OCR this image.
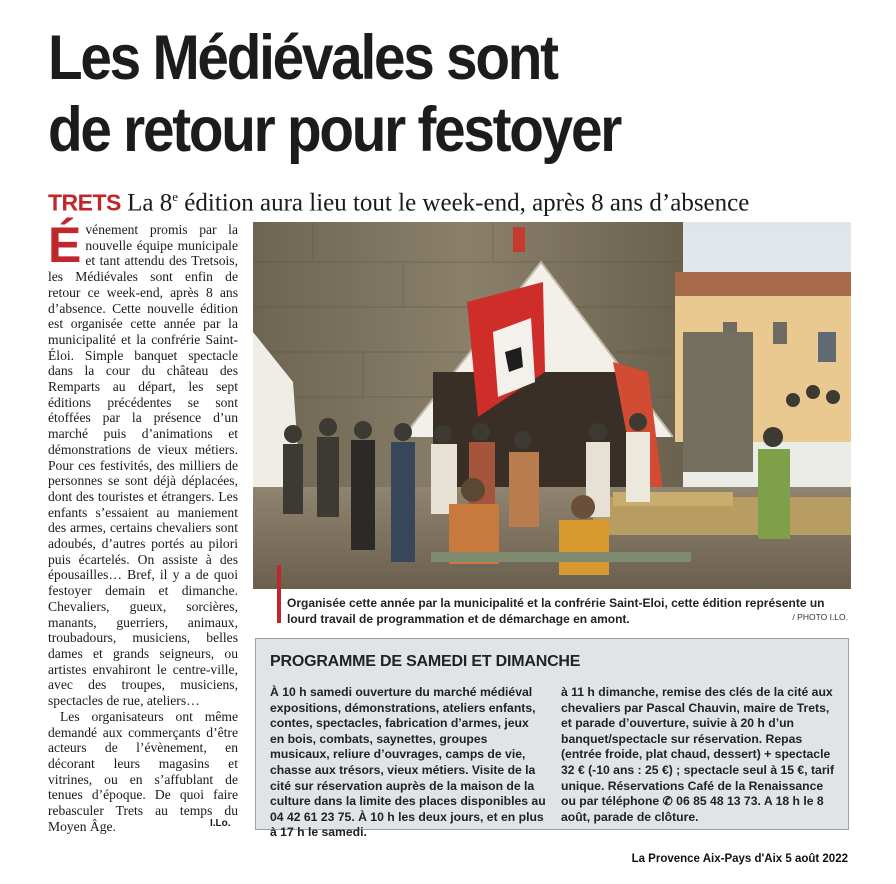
Les Médiévales sont
de retour pour festoyer
TRETS La 8e édition aura lieu tout le week-end, après 8 ans d’absence

Événement promis par la nouvelle équipe municipale et tant attendu des Tretsois, les Médiévales sont enfin de retour ce week-end, après 8 ans d’absence. Cette nouvelle édition est organisée cette année par la municipalité et la confrérie Saint-Éloi. Simple banquet spectacle dans la cour du château des Remparts au départ, les sept éditions précédentes se sont étoffées par la présence d’un marché puis d’animations et démonstrations de vieux métiers. Pour ces festivités, des milliers de personnes se sont déjà déplacées, dont des touristes et étrangers. Les enfants s’essaient au maniement des armes, certains chevaliers sont adoubés, d’autres portés au pilori puis écartelés. On assiste à des épousailles… Bref, il y a de quoi festoyer demain et dimanche. Chevaliers, gueux, sorcières, manants, guerriers, animaux, troubadours, musiciens, belles dames et grands seigneurs, ou artistes envahiront le centre-ville, avec des troupes, musiciens, spectacles de rue, ateliers…

Les organisateurs ont même demandé aux commerçants d’être acteurs de l’évènement, en décorant leurs magasins et vitrines, ou en s’affublant de tenues d’époque. De quoi faire rebasculer Trets au temps du Moyen Âge.	I.Lo.
Organisée cette année par la municipalité et la confrérie Saint-Eloi, cette édition représente un lourd travail de programmation et de démarchage en amont.	/ PHOTO I.LO.
PROGRAMME DE SAMEDI ET DIMANCHE
À 10 h samedi ouverture du marché médiéval expositions, démonstrations, ateliers enfants, contes, spectacles, fabrication d’armes, jeux en bois, combats, saynettes, groupes musicaux, reliure d’ouvrages, camps de vie, chasse aux trésors, vieux métiers. Visite de la cité sur réservation auprès de la maison de la culture dans la limite des places disponibles au 04 42 61 23 75. À 10 h les deux jours, et en plus à 17 h le samedi.
à 11 h dimanche, remise des clés de la cité aux chevaliers par Pascal Chauvin, maire de Trets, et parade d’ouverture, suivie à 20 h d’un banquet/spectacle sur réservation. Repas (entrée froide, plat chaud, dessert) + spectacle 32 € (-10 ans : 25 €) ; spectacle seul à 15 €, tarif unique. Réservations Café de la Renaissance ou par téléphone ✆ 06 85 48 13 73. A 18 h le 8 août, parade de clôture.
La Provence Aix-Pays d'Aix 5 août 2022
